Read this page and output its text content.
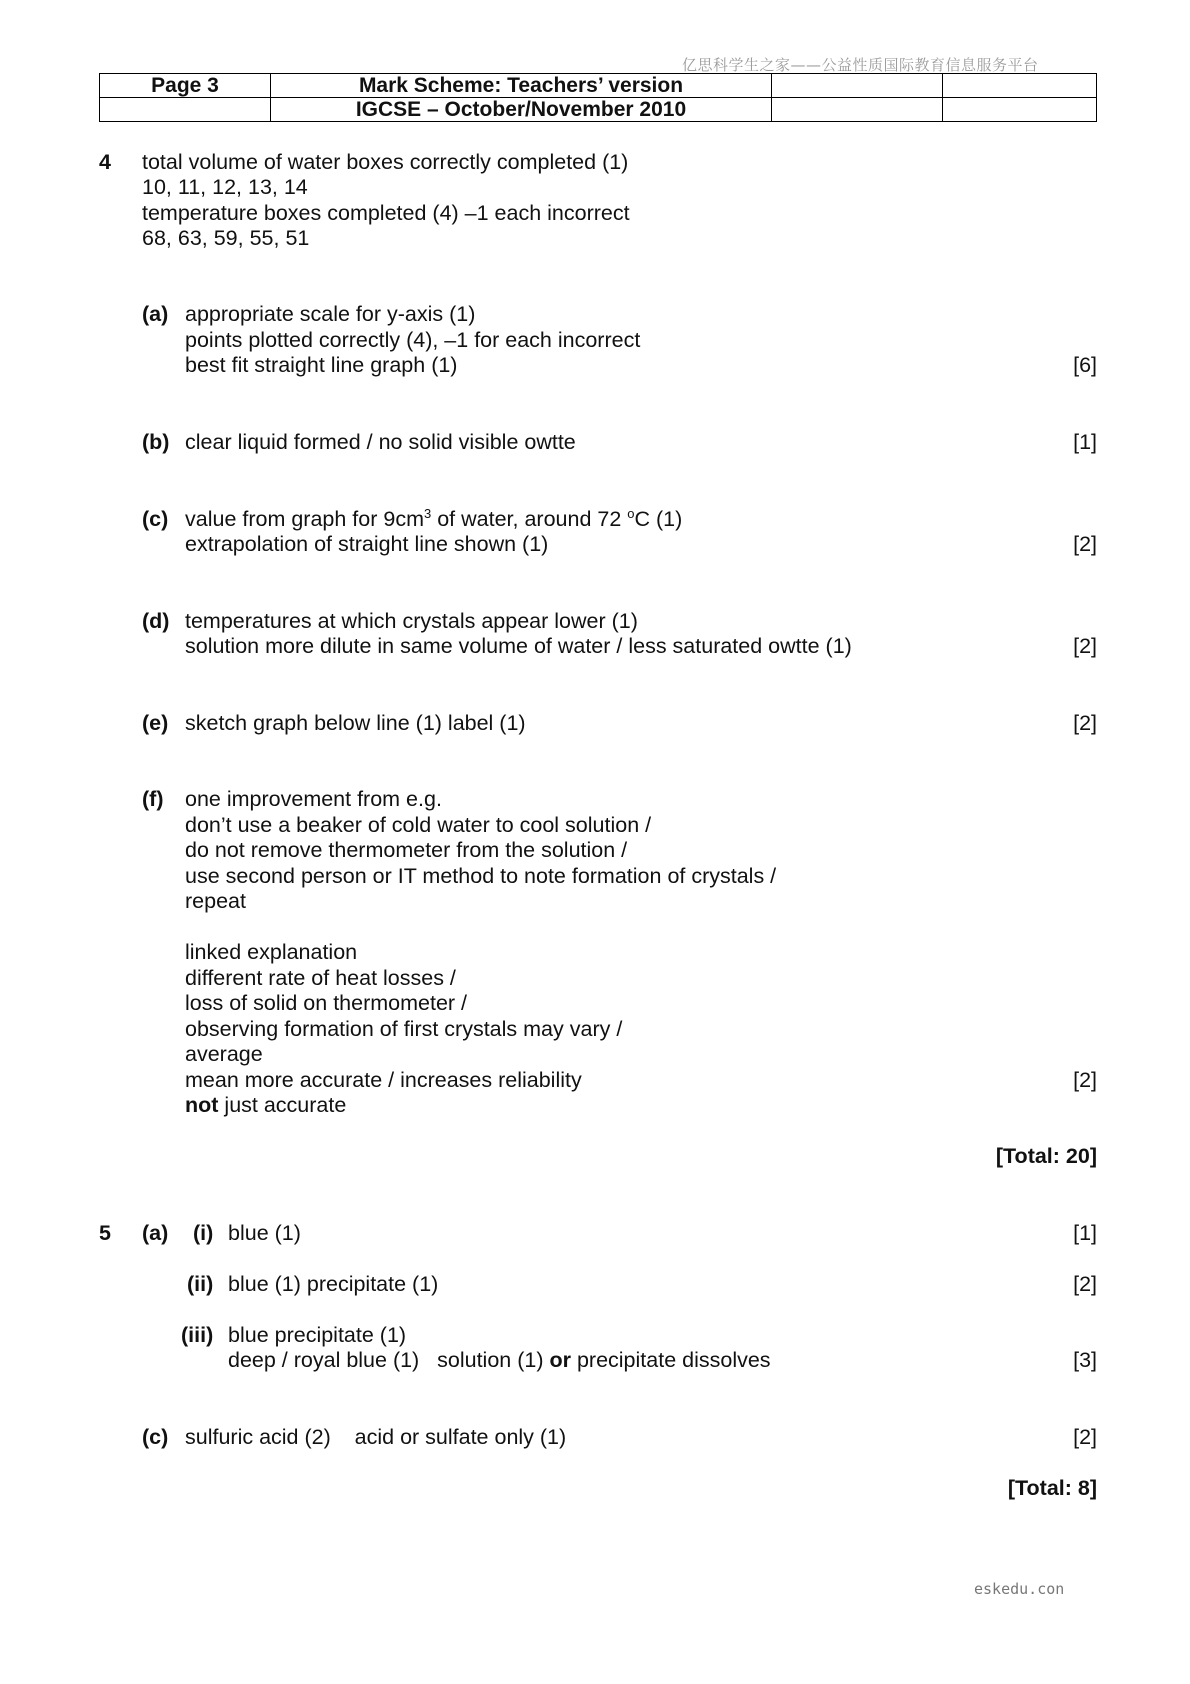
亿思科学生之家——公益性质国际教育信息服务平台
Page 3	Mark Scheme: Teachers’ version		
	IGCSE – October/November 2010		
4 total volume of water boxes correctly completed (1)
10, 11, 12, 13, 14
temperature boxes completed (4) –1 each incorrect
68, 63, 59, 55, 51
(a) appropriate scale for y-axis (1)
points plotted correctly (4), –1 for each incorrect
best fit straight line graph (1)	[6]
(b) clear liquid formed / no solid visible owtte	[1]
(c) value from graph for $9cm^3$ of water, around 72 $^o$C (1)
extrapolation of straight line shown (1)	[2]
(d) temperatures at which crystals appear lower (1)
solution more dilute in same volume of water / less saturated owtte (1)	[2]
(e) sketch graph below line (1) label (1)	[2]
(f) one improvement from e.g.
don’t use a beaker of cold water to cool solution /
do not remove thermometer from the solution /
use second person or IT method to note formation of crystals /
repeat
linked explanation
different rate of heat losses /
loss of solid on thermometer /
observing formation of first crystals may vary /
average
mean more accurate / increases reliability	[2]
not just accurate
[Total: 20]
5 (a) (i) blue (1)	[1]
(ii) blue (1) precipitate (1)	[2]
(iii) blue precipitate (1)
deep / royal blue (1)   solution (1) or precipitate dissolves	[3]
(c) sulfuric acid (2)    acid or sulfate only (1)	[2]
[Total: 8]
eskedu.con
